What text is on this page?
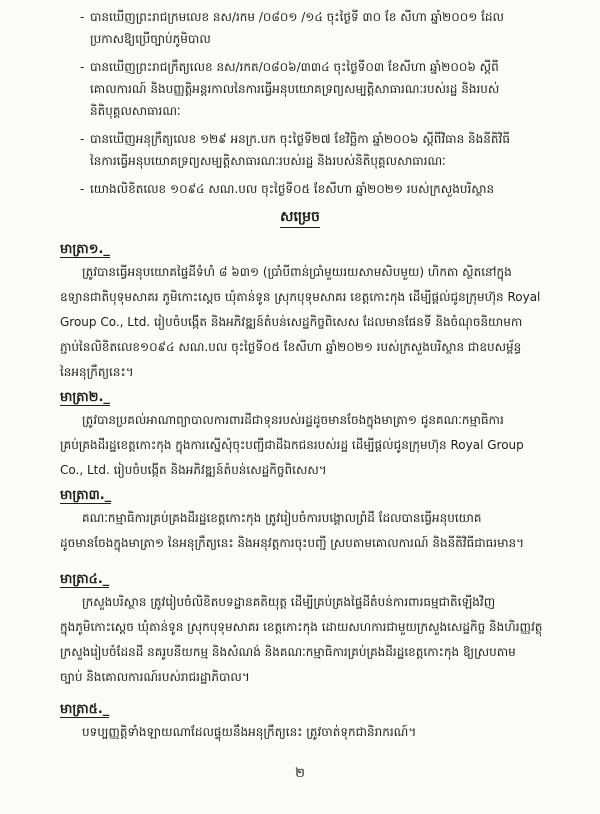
- បានឃើញព្រះរាជក្រមលេខ នស/រកម /០៨០១ /១៤ ចុះថ្ងៃទី ៣០ ខែ សីហា ឆ្នាំ២០០១ ដែល
ប្រកាសឱ្យប្រើច្បាប់ភូមិបាល
- បានឃើញព្រះរាជក្រឹត្យលេខ នស/រកត/០៨០៦/៣៣៤ ចុះថ្ងៃទី០៣ ខែសីហា ឆ្នាំ២០០៦ ស្តីពី
គោលការណ៍ និងបញ្ញត្តិអន្តរកាលនៃការធ្វើអនុបយោគទ្រព្យសម្បត្តិសាធារណៈរបស់រដ្ឋ និងរបស់
និតិបុគ្គលសាធារណៈ
- បានឃើញអនុក្រឹត្យលេខ ១២៩ អនក្រ.បក ចុះថ្ងៃទី២៧ ខែវិច្ឆិកា ឆ្នាំ២០០៦ ស្តីពីវិធាន និងនីតិវិធី
នៃការធ្វើអនុបយោគទ្រព្យសម្បត្តិសាធារណៈរបស់រដ្ឋ និងរបស់និតិបុគ្គលសាធារណៈ
- យោងលិខិតលេខ ១០៩៤ សណ.បល ចុះថ្ងៃទី០៥ ខែសីហា ឆ្នាំ២០២១ របស់ក្រសួងបរិស្ថាន
សម្រេច
មាត្រា១._
ត្រូវបានធ្វើអនុបយោគផ្ទៃដីទំហំ ៨ ៦៣១ (ប្រាំបីពាន់ប្រាំមួយរយសាមសិបមួយ) ហិកតា ស្ថិតនៅក្នុង
ឧទ្យានជាតិបុទុមសាគរ ភូមិកោះស្ដេច ឃុំតាន់ទូន ស្រុកបុទុមសាគរ ខេត្តកោះកុង ដើម្បីផ្ដល់ជូនក្រុមហ៊ុន Royal
Group Co., Ltd. រៀបចំបង្កើត និងអភិវឌ្ឍន៍តំបន់សេដ្ឋកិច្ចពិសេស ដែលមានផែនទី និងចំណុចនិយាមកា
ភ្ជាប់នៃលិខិតលេខ១០៩៤ សណ.បល ចុះថ្ងៃទី០៥ ខែសីហា ឆ្នាំ២០២១ របស់ក្រសួងបរិស្ថាន ជាឧបសម្ព័ន្ធ
នៃអនុក្រឹត្យនេះ។
មាត្រា២._
ត្រូវបានប្រគល់អាណាព្យាបាលការពារដីជាទុនរបស់រដ្ឋដូចមានចែងក្នុងមាត្រា១ ជូនគណៈកម្មាធិការ
គ្រប់គ្រងដីរដ្ឋខេត្តកោះកុង ក្នុងការស្នើសុំចុះបញ្ជីជាដីឯកជនរបស់រដ្ឋ ដើម្បីផ្ដល់ជូនក្រុមហ៊ុន Royal Group
Co., Ltd. រៀបចំបង្កើត និងអភិវឌ្ឍន៍តំបន់សេដ្ឋកិច្ចពិសេស។
មាត្រា៣._
គណៈកម្មាធិការគ្រប់គ្រងដីរដ្ឋខេត្តកោះកុង ត្រូវរៀបចំការបង្គោលព្រំដី ដែលបានធ្វើអនុបយោគ
ដូចមានចែងក្នុងមាត្រា១ នៃអនុក្រឹត្យនេះ និងអនុវត្តការចុះបញ្ជី ស្របតាមគោលការណ៍ និងនីតិវិធីជាធរមាន។
មាត្រា៤._
ក្រសួងបរិស្ថាន ត្រូវរៀបចំលិខិតបទដ្ឋានគតិយុត្ត ដើម្បីគ្រប់គ្រងផ្ទៃដីតំបន់ការពារធម្មជាតិឡើងវិញ
ក្នុងភូមិកោះស្ដេច ឃុំតាន់ទូន ស្រុកបុទុមសាគរ ខេត្តកោះកុង ដោយសហការជាមួយក្រសួងសេដ្ឋកិច្ច និងហិរញ្ញវត្ថុ
ក្រសួងរៀបចំដែនដី នគរូបនីយកម្ម និងសំណង់ និងគណៈកម្មាធិការគ្រប់គ្រងដីរដ្ឋខេត្តកោះកុង ឱ្យស្របតាម
ច្បាប់ និងគោលការណ៍របស់រាជរដ្ឋាភិបាល។
មាត្រា៥._
បទប្បញ្ញត្តិទាំងឡាយណាដែលផ្ទុយនឹងអនុក្រឹត្យនេះ ត្រូវចាត់ទុកជានិរាករណ៍។
២
